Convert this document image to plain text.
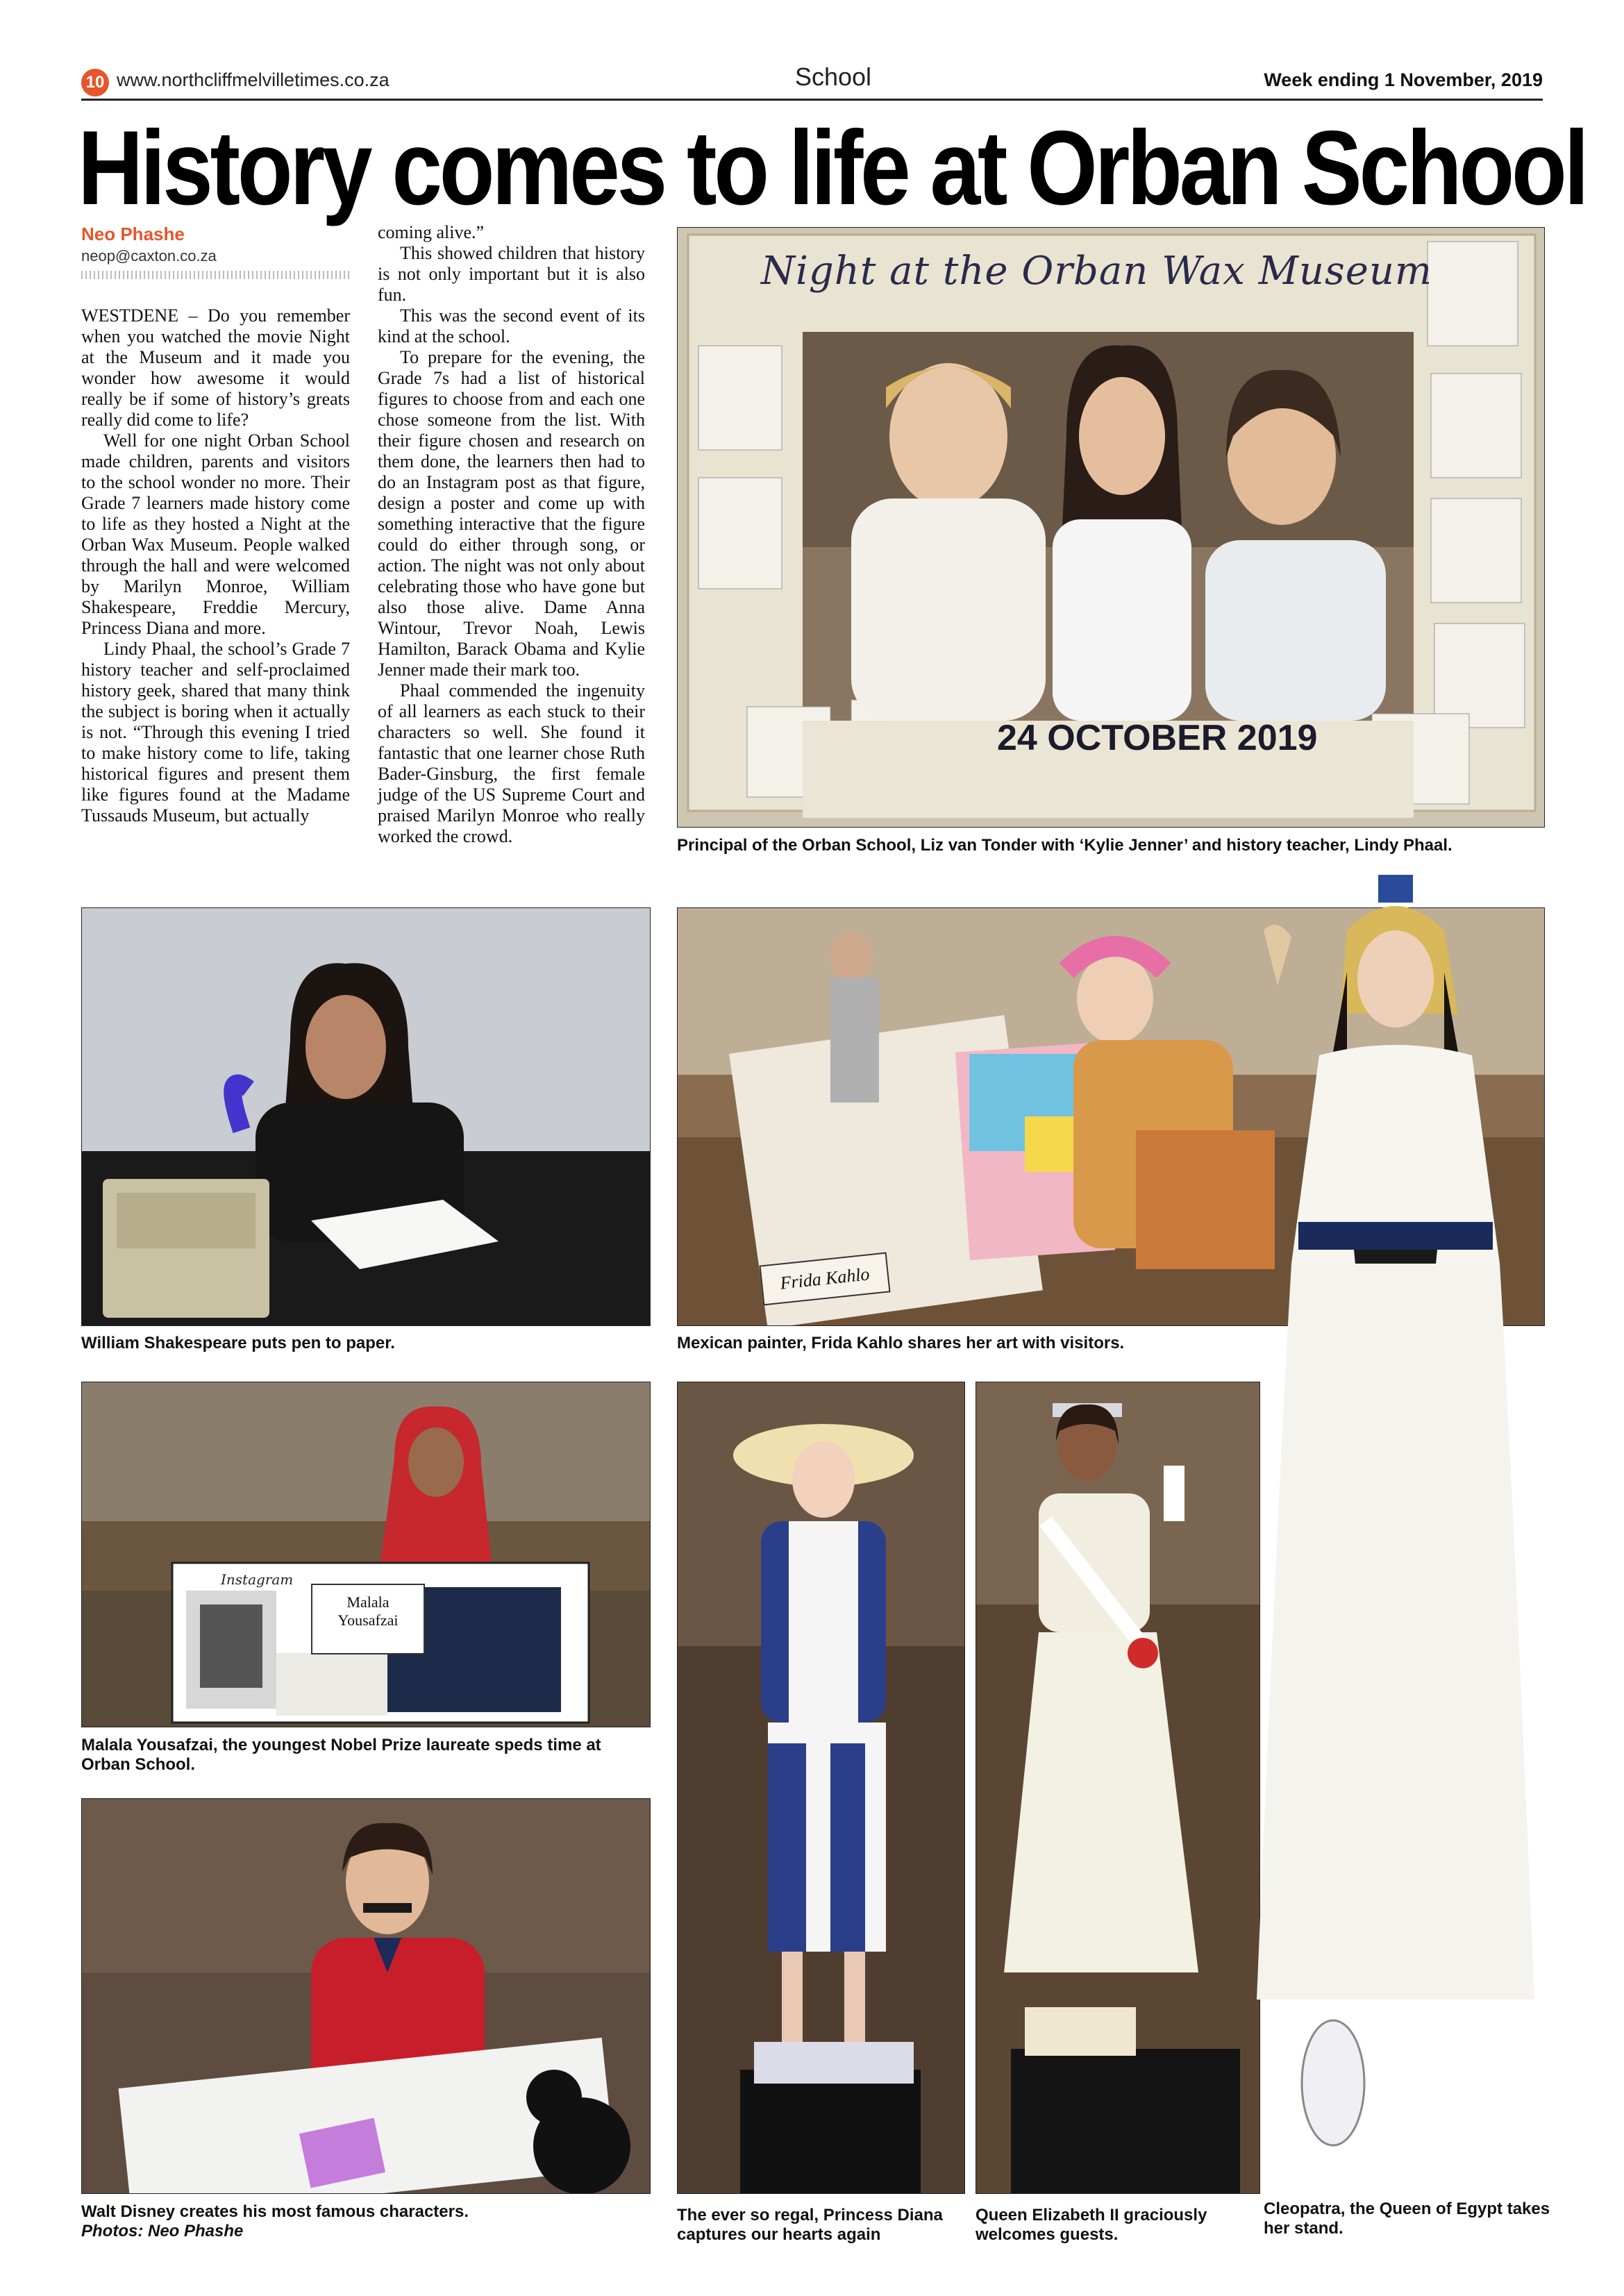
10 www.northcliffmelvilletimes.co.za	School	Week ending 1 November, 2019
History comes to life at Orban School
Neo Phashe
neop@caxton.co.za

WESTDENE – Do you remember when you watched the movie Night at the Museum and it made you wonder how awesome it would really be if some of history’s greats really did come to life?

Well for one night Orban School made children, parents and visitors to the school wonder no more. Their Grade 7 learners made history come to life as they hosted a Night at the Orban Wax Museum. People walked through the hall and were welcomed by Marilyn Monroe, William Shakespeare, Freddie Mercury, Princess Diana and more.

Lindy Phaal, the school’s Grade 7 history teacher and self-proclaimed history geek, shared that many think the subject is boring when it actually is not. “Through this evening I tried to make history come to life, taking historical figures and present them like figures found at the Madame Tussauds Museum, but actually

coming alive.”

This showed children that history is not only important but it is also fun.

This was the second event of its kind at the school.

To prepare for the evening, the Grade 7s had a list of historical figures to choose from and each one chose someone from the list. With their figure chosen and research on them done, the learners then had to do an Instagram post as that figure, design a poster and come up with something interactive that the figure could do either through song, or action. The night was not only about celebrating those who have gone but also those alive. Dame Anna Wintour, Trevor Noah, Lewis Hamilton, Barack Obama and Kylie Jenner made their mark too.

Phaal commended the ingenuity of all learners as each stuck to their characters so well. She found it fantastic that one learner chose Ruth Bader-Ginsburg, the first female judge of the US Supreme Court and praised Marilyn Monroe who really worked the crowd.

Night at the Orban Wax Museum
24 OCTOBER 2019
Principal of the Orban School, Liz van Tonder with ‘Kylie Jenner’ and history teacher, Lindy Phaal.
William Shakespeare puts pen to paper.
Frida Kahlo
Mexican painter, Frida Kahlo shares her art with visitors.
Instagram
Malala
Yousafzai
Malala Yousafzai, the youngest Nobel Prize laureate speds time at Orban School.
Walt Disney creates his most famous characters.
Photos: Neo Phashe
The ever so regal, Princess Diana captures our hearts again
Queen Elizabeth II graciously welcomes guests.
Cleopatra, the Queen of Egypt takes her stand.
